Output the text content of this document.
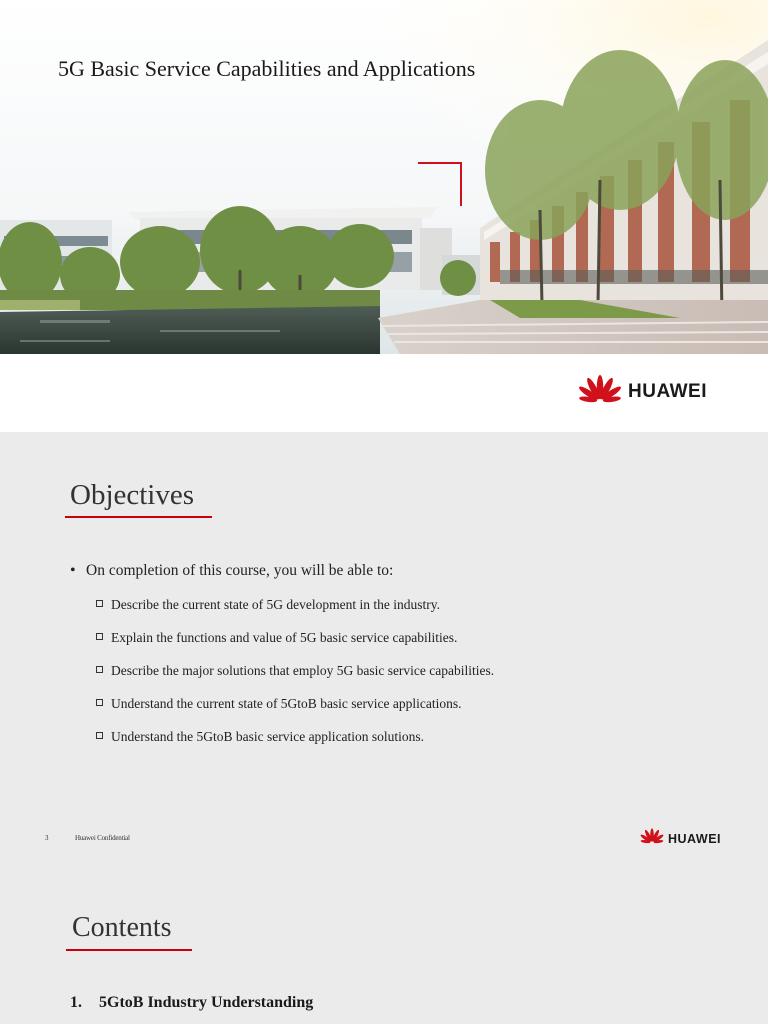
5G Basic Service Capabilities and Applications
HUAWEI
Objectives
• On completion of this course, you will be able to:
Describe the current state of 5G development in the industry.
Explain the functions and value of 5G basic service capabilities.
Describe the major solutions that employ 5G basic service capabilities.
Understand the current state of 5GtoB basic service applications.
Understand the 5GtoB basic service application solutions.
3	Huawei Confidential	HUAWEI
Contents
1. 5GtoB Industry Understanding
